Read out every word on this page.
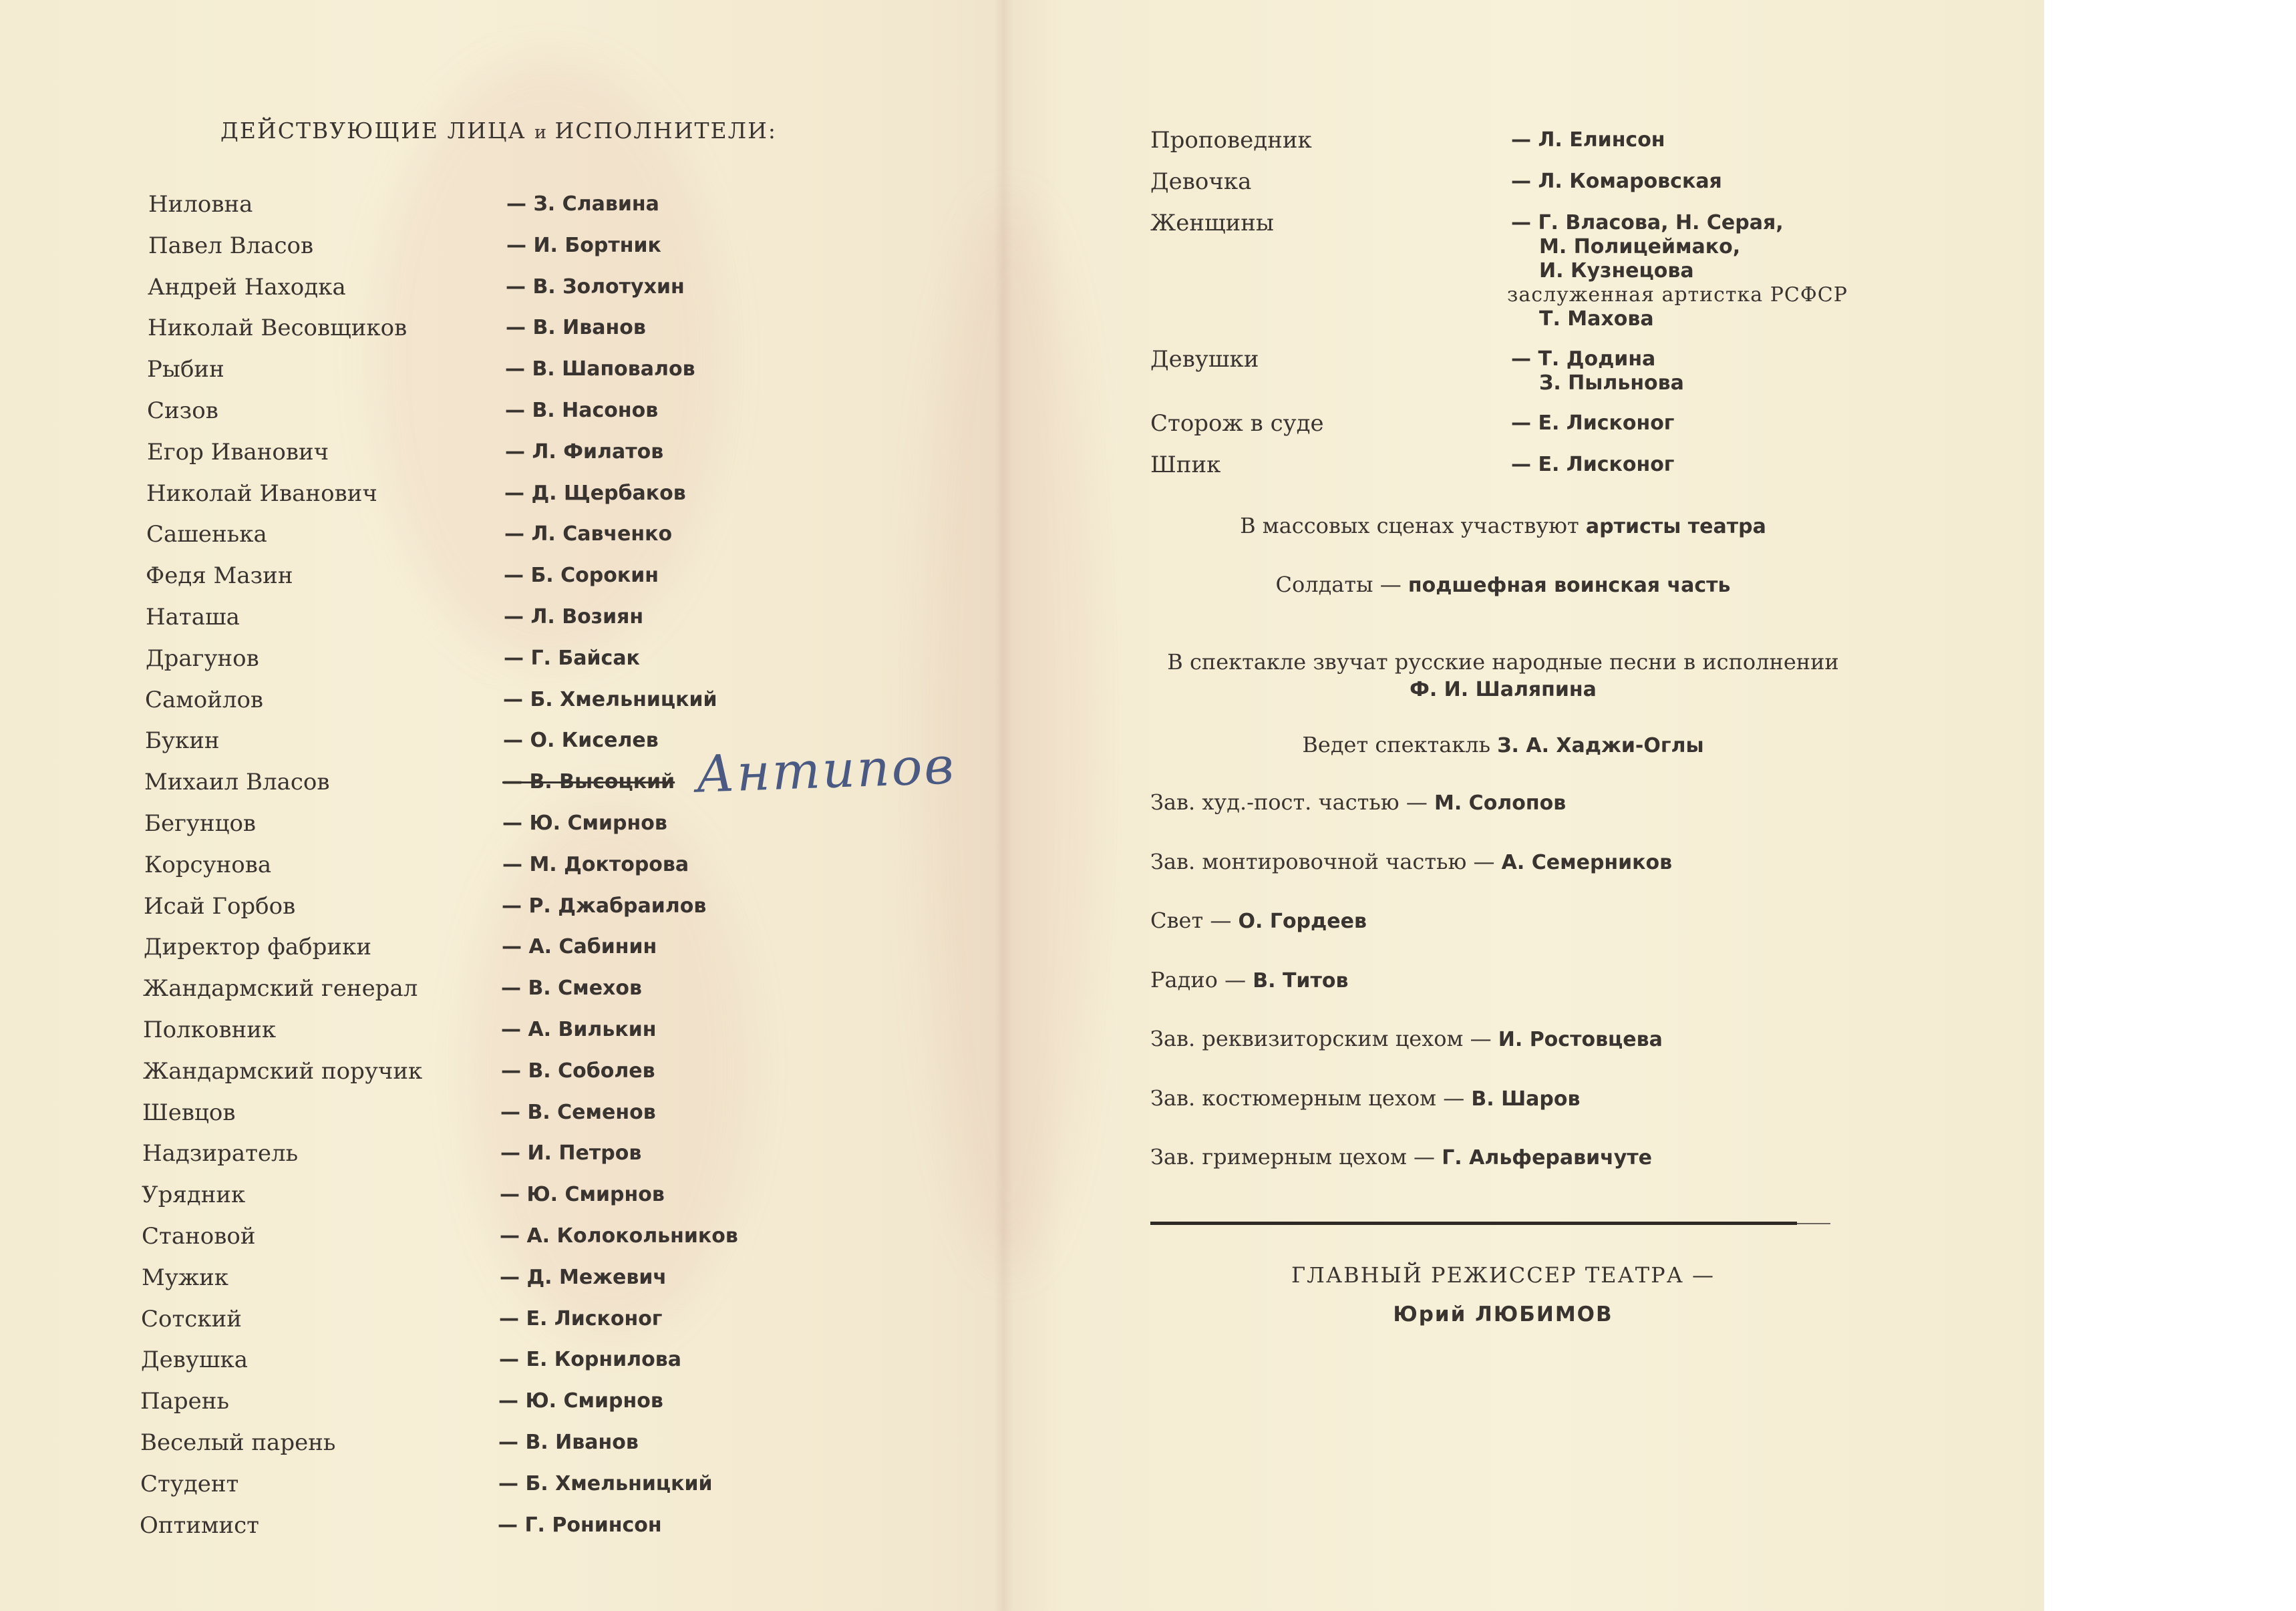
ДЕЙСТВУЮЩИЕ ЛИЦА и ИСПОЛНИТЕЛИ:
Ниловна	— З. Славина
Павел Власов	— И. Бортник
Андрей Находка	— В. Золотухин
Николай Весовщиков	— В. Иванов
Рыбин	— В. Шаповалов
Сизов	— В. Насонов
Егор Иванович	— Л. Филатов
Николай Иванович	— Д. Щербаков
Сашенька	— Л. Савченко
Федя Мазин	— Б. Сорокин
Наташа	— Л. Возиян
Драгунов	— Г. Байсак
Самойлов	— Б. Хмельницкий
Букин	— О. Киселев
Михаил Власов	— В. Высоцкий
Бегунцов	— Ю. Смирнов
Корсунова	— М. Докторова
Исай Горбов	— Р. Джабраилов
Директор фабрики	— А. Сабинин
Жандармский генерал	— В. Смехов
Полковник	— А. Вилькин
Жандармский поручик	— В. Соболев
Шевцов	— В. Семенов
Надзиратель	— И. Петров
Урядник	— Ю. Смирнов
Становой	— А. Колокольников
Мужик	— Д. Межевич
Сотский	— Е. Лисконог
Девушка	— Е. Корнилова
Парень	— Ю. Смирнов
Веселый парень	— В. Иванов
Студент	— Б. Хмельницкий
Оптимист	— Г. Ронинсон
Антипов
Проповедник	— Л. Елинсон
Девочка	— Л. Комаровская
Женщины	— Г. Власова, Н. Серая,
М. Полицеймако,
И. Кузнецова
заслуженная артистка РСФСР
Т. Махова
Девушки	— Т. Додина
З. Пыльнова
Сторож в суде	— Е. Лисконог
Шпик	— Е. Лисконог
В массовых сценах участвуют артисты театра
Солдаты — подшефная воинская часть
В спектакле звучат русские народные песни в исполнении
Ф. И. Шаляпина
Ведет спектакль З. А. Хаджи-Оглы
Зав. худ.-пост. частью — М. Солопов
Зав. монтировочной частью — А. Семерников
Свет — О. Гордеев
Радио — В. Титов
Зав. реквизиторским цехом — И. Ростовцева
Зав. костюмерным цехом — В. Шаров
Зав. гримерным цехом — Г. Альферавичуте
ГЛАВНЫЙ РЕЖИССЕР ТЕАТРА —
Юрий ЛЮБИМОВ
